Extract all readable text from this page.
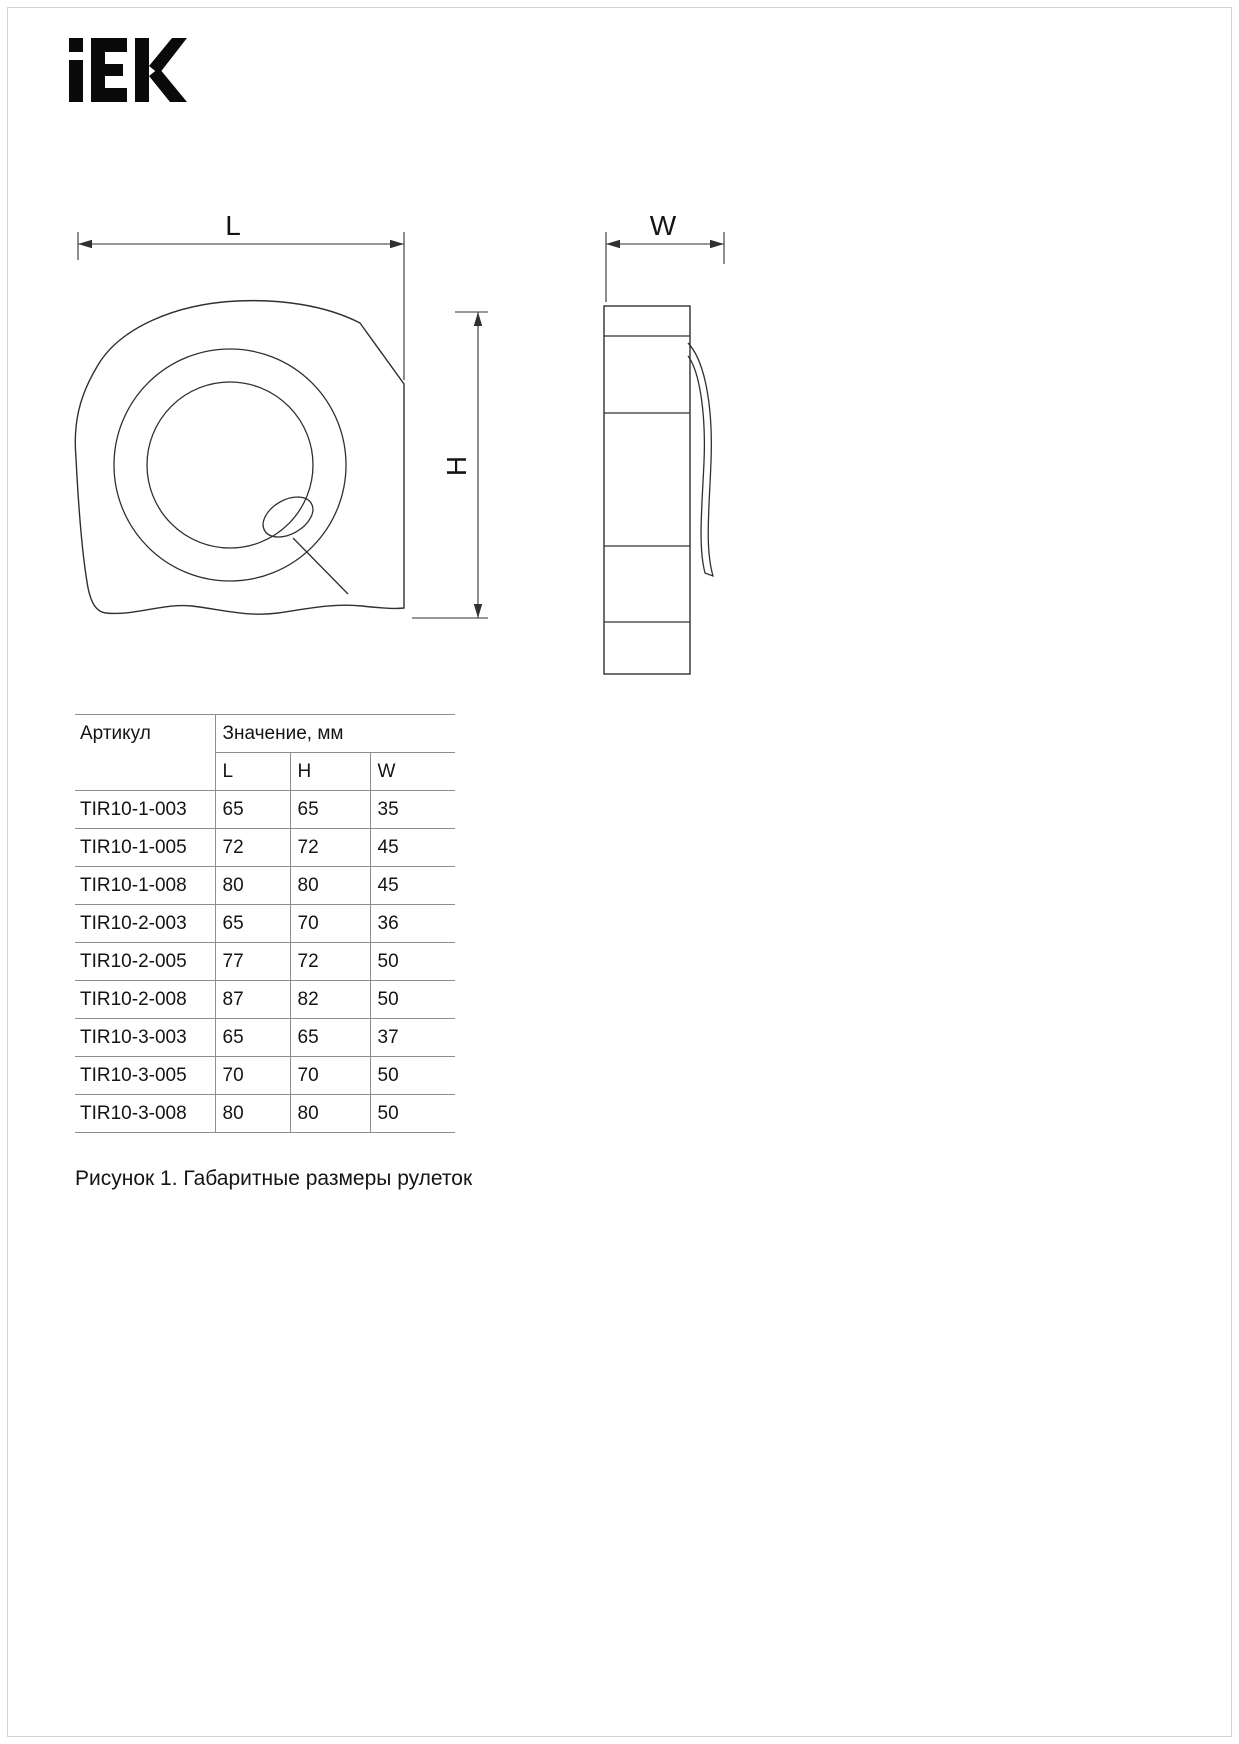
L
H
W
Артикул	Значение, мм		
	L	H	W
TIR10-1-003	65	65	35
TIR10-1-005	72	72	45
TIR10-1-008	80	80	45
TIR10-2-003	65	70	36
TIR10-2-005	77	72	50
TIR10-2-008	87	82	50
TIR10-3-003	65	65	37
TIR10-3-005	70	70	50
TIR10-3-008	80	80	50
Рисунок 1. Габаритные размеры рулеток
